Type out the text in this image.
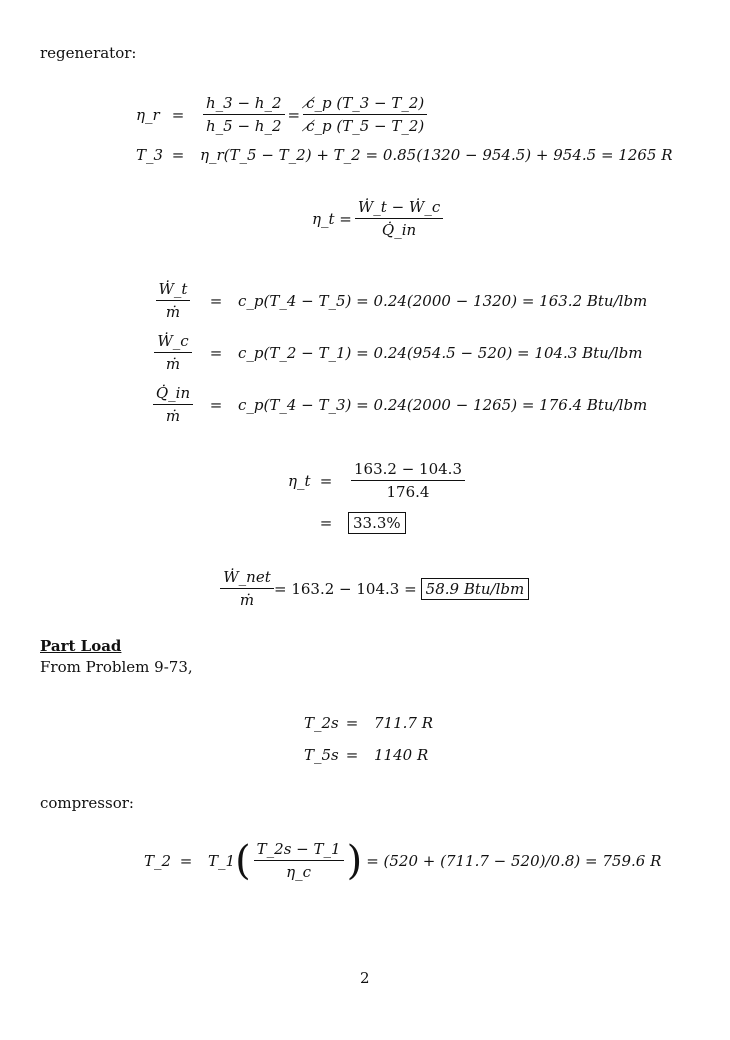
regenerator:
η_r =	$\frac{h\_3 - h\_2}{h\_5 - h\_2} = \frac{c̸\_p (T\_3 - T\_2)}{c̸\_p (T\_5 - T\_2)}$
T_3 =	η_r(T_5 − T_2) + T_2 = 0.85(1320 − 954.5) + 954.5 = 1265 R
η_t = $\frac{\text{Ẇ\_t − Ẇ\_c}}{Q̇\_in}$
$\frac{\text{Ẇ\_t}}{\text{ṁ}}$	=	c_p(T_4 − T_5) = 0.24(2000 − 1320) = 163.2 Btu/lbm
$\frac{\text{Ẇ\_c}}{\text{ṁ}}$	=	c_p(T_2 − T_1) = 0.24(954.5 − 520) = 104.3 Btu/lbm
$\frac{Q̇\_in}{\text{ṁ}}$	=	c_p(T_4 − T_3) = 0.24(2000 − 1265) = 176.4 Btu/lbm
η_t =	$\frac{163.2 - 104.3}{176.4}$
=	33.3%
$\frac{\text{Ẇ\_net}}{\text{ṁ}} = 163.2 - 104.3 = 58.9$ Btu/lbm
Part Load
From Problem 9-73,
T_2s =	711.7 R
T_5s =	1140 R
compressor:
T_2 =	T_1 ( $\frac{T\_2s - T\_1}{\eta\_c}$ ) = (520 + (711.7 − 520)/0.8) = 759.6 R
2
